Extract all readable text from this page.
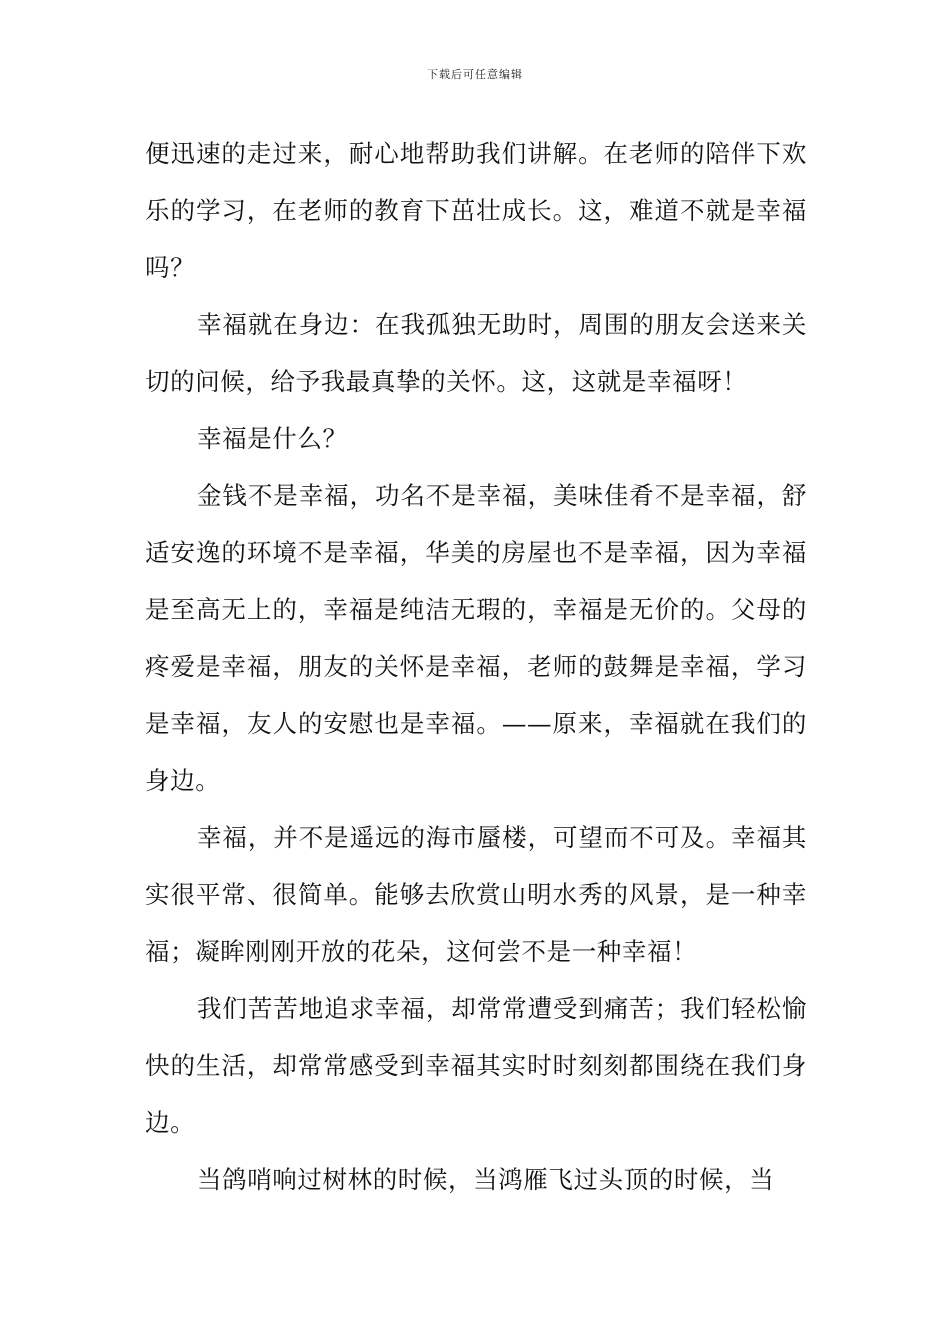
下载后可任意编辑

便迅速的走过来，耐心地帮助我们讲解。在老师的陪伴下欢乐的学习，在老师的教育下茁壮成长。这，难道不就是幸福吗？

幸福就在身边：在我孤独无助时，周围的朋友会送来关切的问候，给予我最真挚的关怀。这，这就是幸福呀！

幸福是什么？

金钱不是幸福，功名不是幸福，美味佳肴不是幸福，舒适安逸的环境不是幸福，华美的房屋也不是幸福，因为幸福是至高无上的，幸福是纯洁无瑕的，幸福是无价的。父母的疼爱是幸福，朋友的关怀是幸福，老师的鼓舞是幸福，学习是幸福，友人的安慰也是幸福。——原来，幸福就在我们的身边。

幸福，并不是遥远的海市蜃楼，可望而不可及。幸福其实很平常、很简单。能够去欣赏山明水秀的风景，是一种幸福；凝眸刚刚开放的花朵，这何尝不是一种幸福！

我们苦苦地追求幸福，却常常遭受到痛苦；我们轻松愉快的生活，却常常感受到幸福其实时时刻刻都围绕在我们身边。

当鸽哨响过树林的时候，当鸿雁飞过头顶的时候，当
